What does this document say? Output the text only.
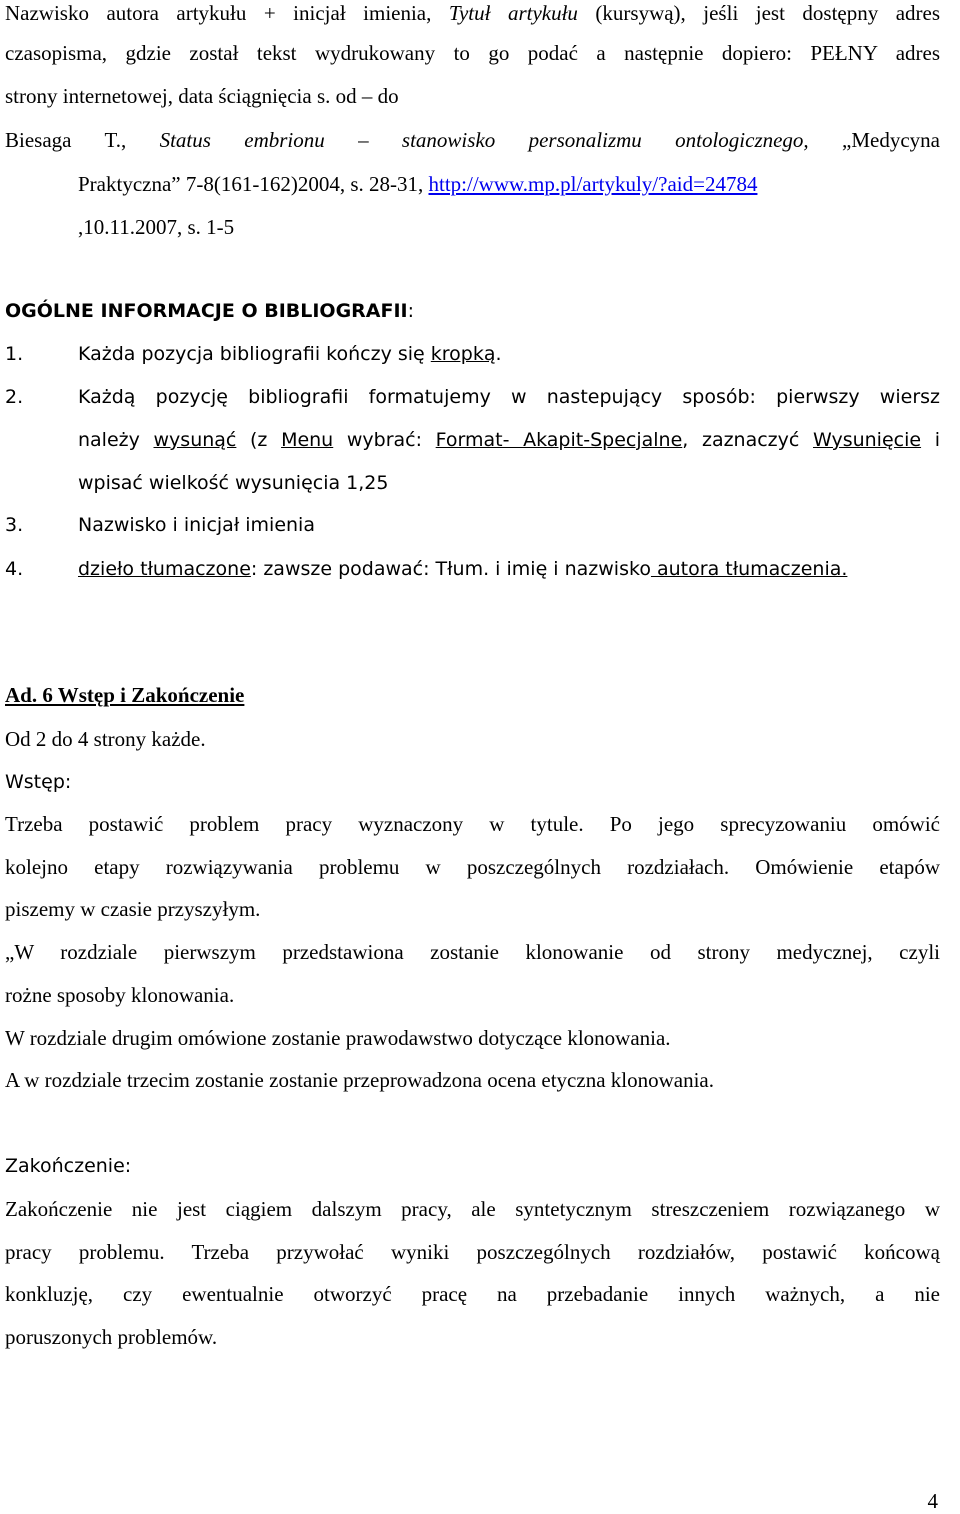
Nazwisko autora artykułu + inicjał imienia, Tytuł artykułu (kursywą), jeśli jest dostępny adres
czasopisma, gdzie został tekst wydrukowany to go podać a następnie dopiero: PEŁNY adres
strony internetowej, data ściągnięcia s. od – do
Biesaga T., Status embrionu – stanowisko personalizmu ontologicznego, „Medycyna
Praktyczna” 7-8(161-162)2004, s. 28-31, http://www.mp.pl/artykuly/?aid=24784
,10.11.2007, s. 1-5
OGÓLNE INFORMACJE O BIBLIOGRAFII:
1.	Każda pozycja bibliografii kończy się kropką.
2.	Każdą pozycję bibliografii formatujemy w nastepujący sposób: pierwszy wiersz
należy wysunąć (z Menu wybrać: Format- Akapit-Specjalne, zaznaczyć Wysunięcie i
wpisać wielkość wysunięcia 1,25
3.	Nazwisko i inicjał imienia
4.	dzieło tłumaczone: zawsze podawać: Tłum. i imię i nazwisko autora tłumaczenia.
Ad. 6 Wstęp i Zakończenie
Od 2 do 4 strony każde.
Wstęp:
Trzeba postawić problem pracy wyznaczony w tytule. Po jego sprecyzowaniu omówić
kolejno etapy rozwiązywania problemu w poszczególnych rozdziałach. Omówienie etapów
piszemy w czasie przyszyłym.
„W rozdziale pierwszym przedstawiona zostanie klonowanie od strony medycznej, czyli
rożne sposoby klonowania.
W rozdziale drugim omówione zostanie prawodawstwo dotyczące klonowania.
A w rozdziale trzecim zostanie zostanie przeprowadzona ocena etyczna klonowania.
Zakończenie:
Zakończenie nie jest ciągiem dalszym pracy, ale syntetycznym streszczeniem rozwiązanego w
pracy problemu. Trzeba przywołać wyniki poszczególnych rozdziałów, postawić końcową
konkluzję, czy ewentualnie otworzyć pracę na przebadanie innych ważnych, a nie
poruszonych problemów.
4
